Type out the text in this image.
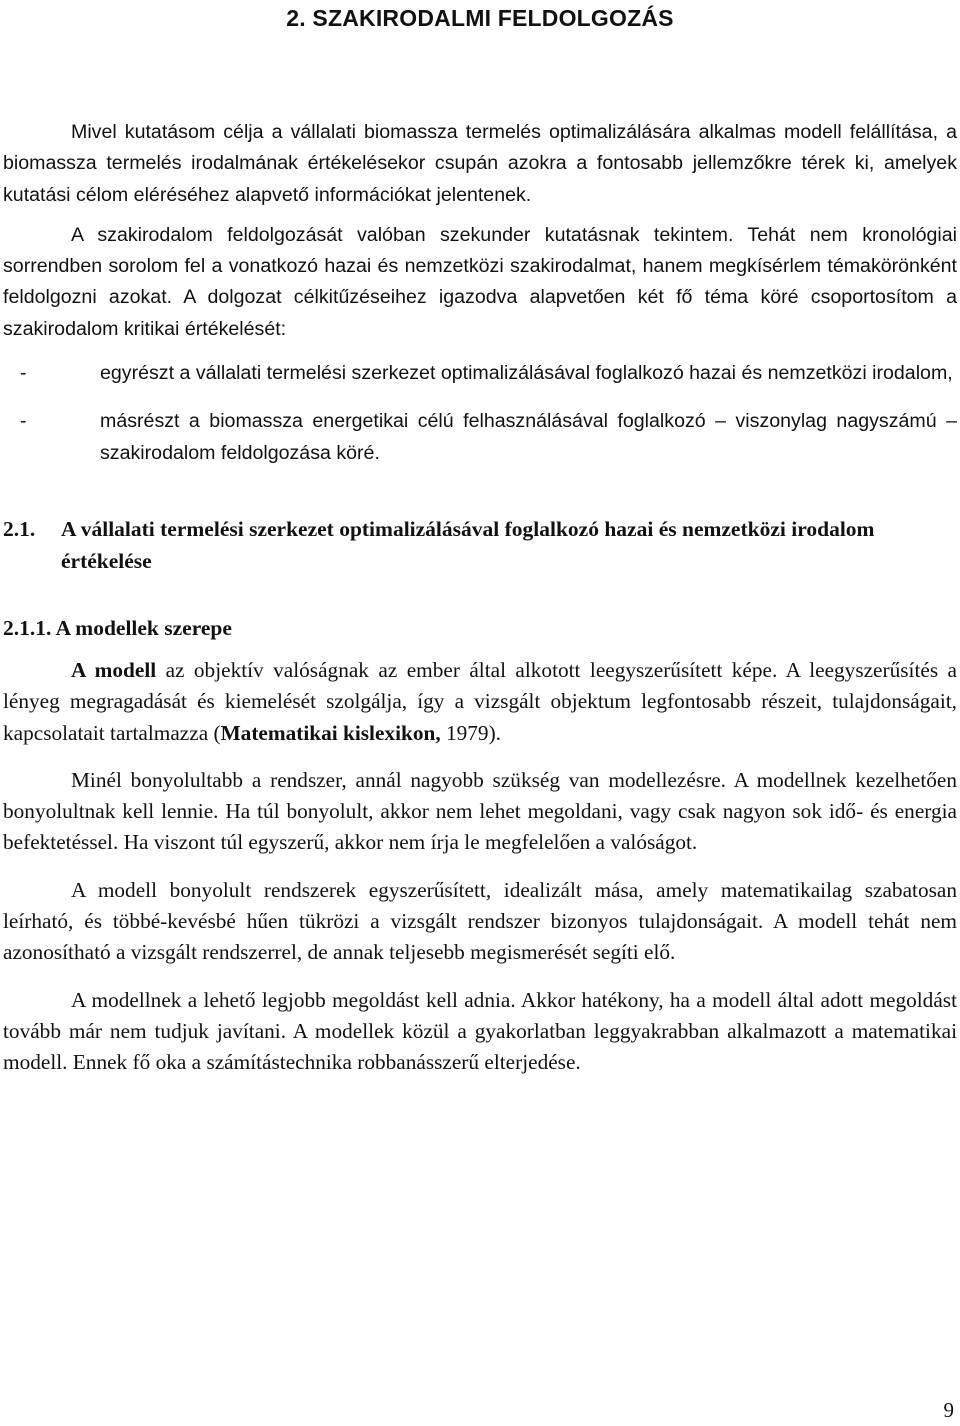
2. SZAKIRODALMI FELDOLGOZÁS

Mivel kutatásom célja a vállalati biomassza termelés optimalizálására alkalmas modell felállítása, a biomassza termelés irodalmának értékelésekor csupán azokra a fontosabb jellemzőkre térek ki, amelyek kutatási célom eléréséhez alapvető információkat jelentenek.

A szakirodalom feldolgozását valóban szekunder kutatásnak tekintem. Tehát nem kronológiai sorrendben sorolom fel a vonatkozó hazai és nemzetközi szakirodalmat, hanem megkísérlem témakörönként feldolgozni azokat. A dolgozat célkitűzéseihez igazodva alapvetően két fő téma köré csoportosítom a szakirodalom kritikai értékelését:

-	egyrészt a vállalati termelési szerkezet optimalizálásával foglalkozó hazai és nemzetközi irodalom,
-	másrészt a biomassza energetikai célú felhasználásával foglalkozó – viszonylag nagyszámú – szakirodalom feldolgozása köré.
2.1. A vállalati termelési szerkezet optimalizálásával foglalkozó hazai és nemzetközi irodalom értékelése
2.1.1. A modellek szerepe

A modell az objektív valóságnak az ember által alkotott leegyszerűsített képe. A leegyszerűsítés a lényeg megragadását és kiemelését szolgálja, így a vizsgált objektum legfontosabb részeit, tulajdonságait, kapcsolatait tartalmazza (Matematikai kislexikon, 1979).

Minél bonyolultabb a rendszer, annál nagyobb szükség van modellezésre. A modellnek kezelhetően bonyolultnak kell lennie. Ha túl bonyolult, akkor nem lehet megoldani, vagy csak nagyon sok idő- és energia befektetéssel. Ha viszont túl egyszerű, akkor nem írja le megfelelően a valóságot.

A modell bonyolult rendszerek egyszerűsített, idealizált mása, amely matematikailag szabatosan leírható, és többé-kevésbé hűen tükrözi a vizsgált rendszer bizonyos tulajdonságait. A modell tehát nem azonosítható a vizsgált rendszerrel, de annak teljesebb megismerését segíti elő.

A modellnek a lehető legjobb megoldást kell adnia. Akkor hatékony, ha a modell által adott megoldást tovább már nem tudjuk javítani. A modellek közül a gyakorlatban leggyakrabban alkalmazott a matematikai modell. Ennek fő oka a számítástechnika robbanásszerű elterjedése.

9
